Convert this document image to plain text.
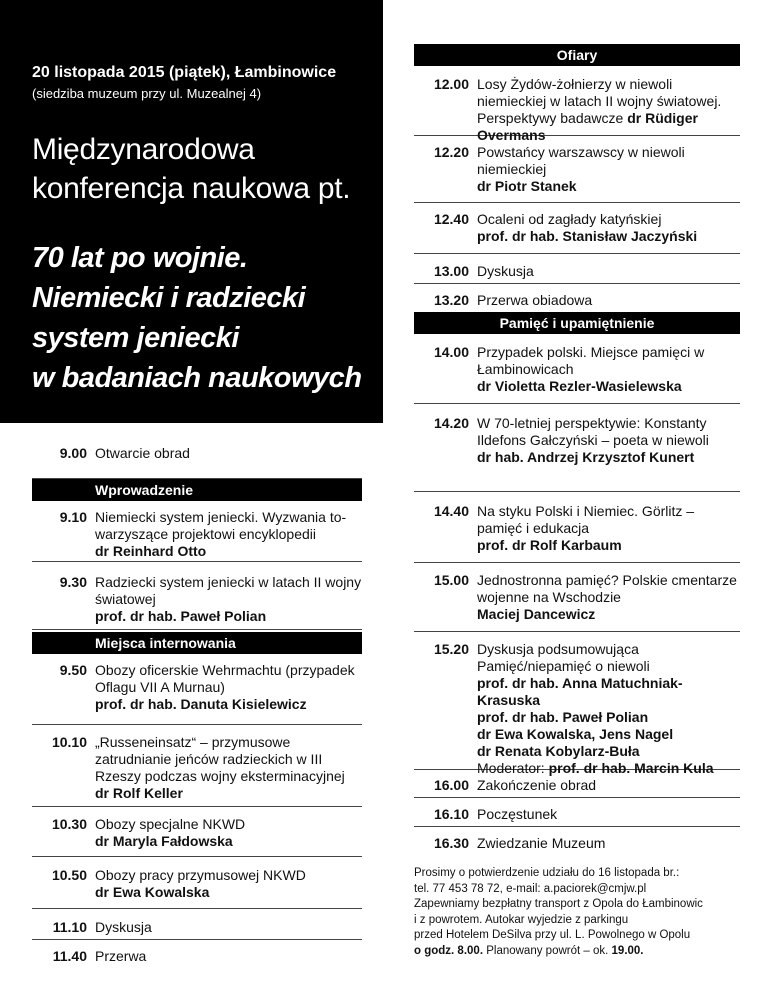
20 listopada 2015 (piątek), Łambinowice
(siedziba muzeum przy ul. Muzealnej 4)
Międzynarodowa konferencja naukowa pt.
70 lat po wojnie.
Niemiecki i radziecki
system jeniecki
w badaniach naukowych
9.00 Otwarcie obrad
Wprowadzenie
9.10 Niemiecki system jeniecki. Wyzwania to-warzyszące projektowi encyklopedii
dr Reinhard Otto
9.30 Radziecki system jeniecki w latach II wojny światowej
prof. dr hab. Paweł Polian
Miejsca internowania
9.50 Obozy oficerskie Wehrmachtu (przypadek Oflagu VII A Murnau)
prof. dr hab. Danuta Kisielewicz
10.10 „Russeneinsatz“ – przymusowe zatrudnianie jeńców radzieckich w III Rzeszy podczas wojny eksterminacyjnej
dr Rolf Keller
10.30 Obozy specjalne NKWD
dr Maryla Fałdowska
10.50 Obozy pracy przymusowej NKWD
dr Ewa Kowalska
11.10 Dyskusja
11.40 Przerwa
Ofiary
12.00 Losy Żydów-żołnierzy w niewoli niemieckiej w latach II wojny światowej. Perspektywy badawcze dr Rüdiger Overmans
12.20 Powstańcy warszawscy w niewoli niemieckiej
dr Piotr Stanek
12.40 Ocaleni od zagłady katyńskiej
prof. dr hab. Stanisław Jaczyński
13.00 Dyskusja
13.20 Przerwa obiadowa
Pamięć i upamiętnienie
14.00 Przypadek polski. Miejsce pamięci w Łambinowicach
dr Violetta Rezler-Wasielewska
14.20 W 70-letniej perspektywie: Konstanty Ildefons Gałczyński – poeta w niewoli
dr hab. Andrzej Krzysztof Kunert
14.40 Na styku Polski i Niemiec. Görlitz – pamięć i edukacja
prof. dr Rolf Karbaum
15.00 Jednostronna pamięć? Polskie cmentarze wojenne na Wschodzie
Maciej Dancewicz
15.20 Dyskusja podsumowująca Pamięć/niepamięć o niewoli
prof. dr hab. Anna Matuchniak-Krasuska
prof. dr hab. Paweł Polian
dr Ewa Kowalska, Jens Nagel
dr Renata Kobylarz-Buła
Moderator: prof. dr hab. Marcin Kula
16.00 Zakończenie obrad
16.10 Poczęstunek
16.30 Zwiedzanie Muzeum
Prosimy o potwierdzenie udziału do 16 listopada br.:
tel. 77 453 78 72, e-mail: a.paciorek@cmjw.pl
Zapewniamy bezpłatny transport z Opola do Łambinowic
i z powrotem. Autokar wyjedzie z parkingu
przed Hotelem DeSilva przy ul. L. Powolnego w Opolu
o godz. 8.00. Planowany powrót – ok. 19.00.
